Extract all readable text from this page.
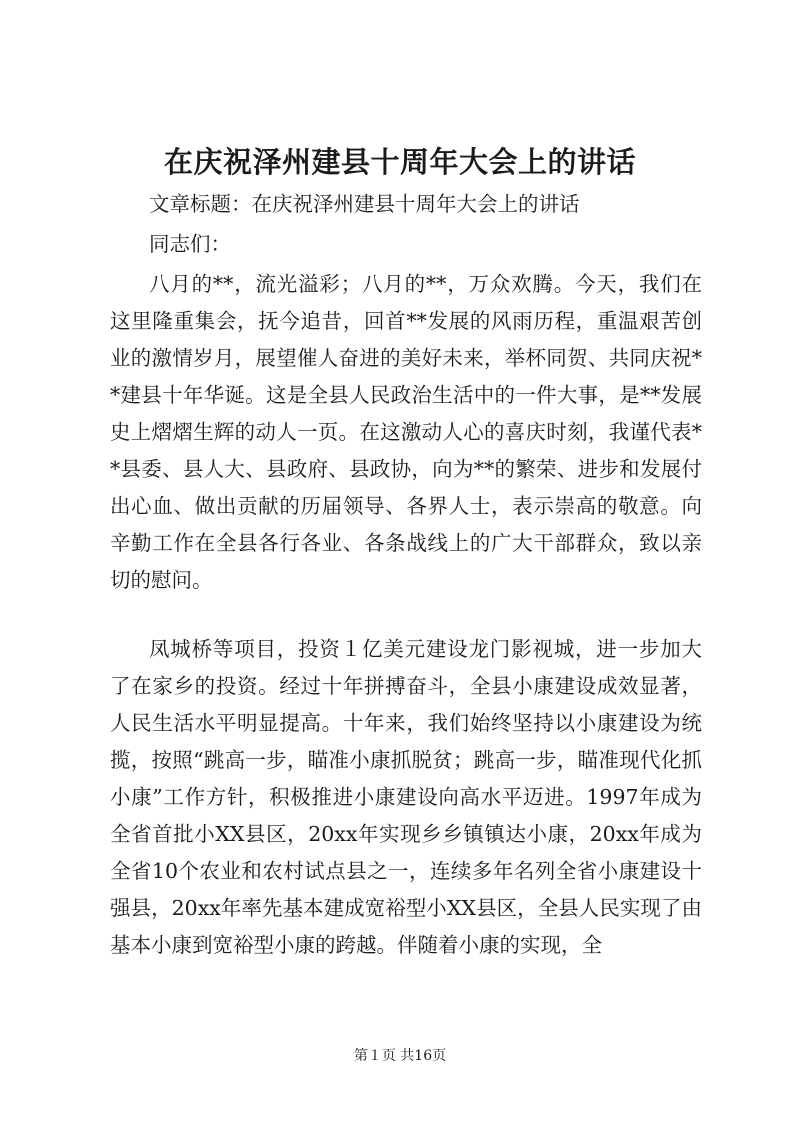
在庆祝泽州建县十周年大会上的讲话
文章标题：在庆祝泽州建县十周年大会上的讲话
同志们：

八月的**，流光溢彩；八月的**，万众欢腾。今天，我们在这里隆重集会，抚今追昔，回首**发展的风雨历程，重温艰苦创业的激情岁月，展望催人奋进的美好未来，举杯同贺、共同庆祝**建县十年华诞。这是全县人民政治生活中的一件大事，是**发展史上熠熠生辉的动人一页。在这激动人心的喜庆时刻，我谨代表**县委、县人大、县政府、县政协，向为**的繁荣、进步和发展付出心血、做出贡献的历届领导、各界人士，表示崇高的敬意。向辛勤工作在全县各行各业、各条战线上的广大干部群众，致以亲切的慰问。

凤城桥等项目，投资１亿美元建设龙门影视城，进一步加大了在家乡的投资。经过十年拼搏奋斗，全县小康建设成效显著，人民生活水平明显提高。十年来，我们始终坚持以小康建设为统揽，按照“跳高一步，瞄准小康抓脱贫；跳高一步，瞄准现代化抓小康”工作方针，积极推进小康建设向高水平迈进。1997年成为全省首批小XX县区，20xx年实现乡乡镇镇达小康，20xx年成为全省10个农业和农村试点县之一，连续多年名列全省小康建设十强县，20xx年率先基本建成宽裕型小XX县区，全县人民实现了由基本小康到宽裕型小康的跨越。伴随着小康的实现，全

第１页 共16页
